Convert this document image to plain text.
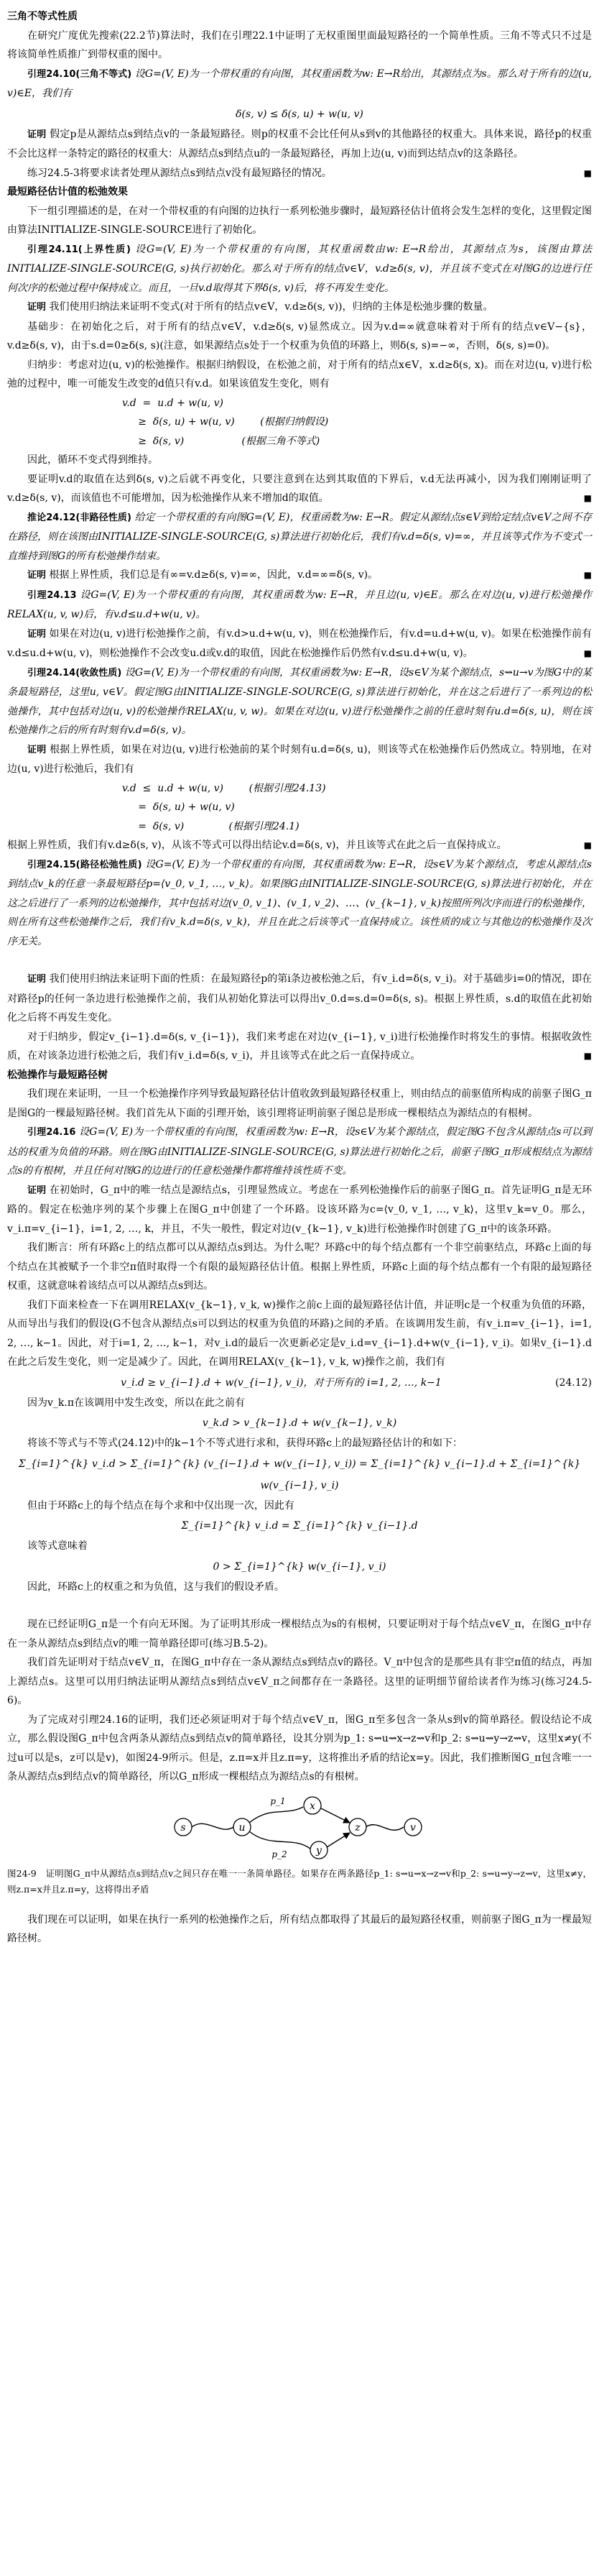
三角不等式性质

在研究广度优先搜索(22.2节)算法时，我们在引理22.1中证明了无权重图里面最短路径的一个简单性质。三角不等式只不过是将该简单性质推广到带权重的图中。

引理24.10(三角不等式) 设G=(V, E)为一个带权重的有向图，其权重函数为w: E→R给出，其源结点为s。那么对于所有的边(u, v)∈E，我们有

δ(s, v) ≤ δ(s, u) + w(u, v)

证明 假定p是从源结点s到结点v的一条最短路径。则p的权重不会比任何从s到v的其他路径的权重大。具体来说，路径p的权重不会比这样一条特定的路径的权重大：从源结点s到结点u的一条最短路径，再加上边(u, v)而到达结点v的这条路径。

练习24.5-3将要求读者处理从源结点s到结点v没有最短路径的情况。	■

最短路径估计值的松弛效果

下一组引理描述的是，在对一个带权重的有向图的边执行一系列松弛步骤时，最短路径估计值将会发生怎样的变化，这里假定图由算法INITIALIZE-SINGLE-SOURCE进行了初始化。

引理24.11(上界性质) 设G=(V, E)为一个带权重的有向图，其权重函数由w: E→R给出，其源结点为s，该图由算法INITIALIZE-SINGLE-SOURCE(G, s)执行初始化。那么对于所有的结点v∈V，v.d≥δ(s, v)，并且该不变式在对图G的边进行任何次序的松弛过程中保持成立。而且，一旦v.d取得其下界δ(s, v)后，将不再发生变化。

证明 我们使用归纳法来证明不变式(对于所有的结点v∈V，v.d≥δ(s, v))，归纳的主体是松弛步骤的数量。

基础步：在初始化之后，对于所有的结点v∈V，v.d≥δ(s, v)显然成立。因为v.d=∞就意味着对于所有的结点v∈V−{s}，v.d≥δ(s, v)，由于s.d=0≥δ(s, s)(注意，如果源结点s处于一个权重为负值的环路上，则δ(s, s)=−∞，否则，δ(s, s)=0)。

归纳步：考虑对边(u, v)的松弛操作。根据归纳假设，在松弛之前，对于所有的结点x∈V，x.d≥δ(s, x)。而在对边(u, v)进行松弛的过程中，唯一可能发生改变的d值只有v.d。如果该值发生变化，则有

v.d  =  u.d + w(u, v)

≥  δ(s, u) + w(u, v)        (根据归纳假设)

≥  δ(s, v)                  (根据三角不等式)

因此，循环不变式得到维持。

要证明v.d的取值在达到δ(s, v)之后就不再变化，只要注意到在达到其取值的下界后，v.d无法再减小，因为我们刚刚证明了v.d≥δ(s, v)，而该值也不可能增加，因为松弛操作从来不增加d的取值。	■

推论24.12(非路径性质) 给定一个带权重的有向图G=(V, E)，权重函数为w: E→R。假定从源结点s∈V到给定结点v∈V之间不存在路径，则在该图由INITIALIZE-SINGLE-SOURCE(G, s)算法进行初始化后，我们有v.d=δ(s, v)=∞，并且该等式作为不变式一直维持到图G的所有松弛操作结束。

证明 根据上界性质，我们总是有∞=v.d≥δ(s, v)=∞，因此，v.d=∞=δ(s, v)。	■

引理24.13 设G=(V, E)为一个带权重的有向图，其权重函数为w: E→R，并且边(u, v)∈E。那么在对边(u, v)进行松弛操作RELAX(u, v, w)后，有v.d≤u.d+w(u, v)。

证明 如果在对边(u, v)进行松弛操作之前，有v.d>u.d+w(u, v)，则在松弛操作后，有v.d=u.d+w(u, v)。如果在松弛操作前有v.d≤u.d+w(u, v)，则松弛操作不会改变u.d或v.d的取值，因此在松弛操作后仍然有v.d≤u.d+w(u, v)。	■

引理24.14(收敛性质) 设G=(V, E)为一个带权重的有向图，其权重函数为w: E→R，设s∈V为某个源结点，s⇝u→v为图G中的某条最短路径，这里u, v∈V。假定图G由INITIALIZE-SINGLE-SOURCE(G, s)算法进行初始化，并在这之后进行了一系列边的松弛操作，其中包括对边(u, v)的松弛操作RELAX(u, v, w)。如果在对边(u, v)进行松弛操作之前的任意时刻有u.d=δ(s, u)，则在该松弛操作之后的所有时刻有v.d=δ(s, v)。

证明 根据上界性质，如果在对边(u, v)进行松弛前的某个时刻有u.d=δ(s, u)，则该等式在松弛操作后仍然成立。特别地，在对边(u, v)进行松弛后，我们有

v.d  ≤  u.d + w(u, v)        (根据引理24.13)

=  δ(s, u) + w(u, v)

=  δ(s, v)              (根据引理24.1)

根据上界性质，我们有v.d≥δ(s, v)，从该不等式可以得出结论v.d=δ(s, v)，并且该等式在此之后一直保持成立。	■

引理24.15(路径松弛性质) 设G=(V, E)为一个带权重的有向图，其权重函数为w: E→R，设s∈V为某个源结点，考虑从源结点s到结点v_k的任意一条最短路径p=⟨v_0, v_1, …, v_k⟩。如果图G由INITIALIZE-SINGLE-SOURCE(G, s)算法进行初始化，并在这之后进行了一系列的边松弛操作，其中包括对边(v_0, v_1)、(v_1, v_2)、…、(v_{k−1}, v_k)按照所列次序而进行的松弛操作，则在所有这些松弛操作之后，我们有v_k.d=δ(s, v_k)，并且在此之后该等式一直保持成立。该性质的成立与其他边的松弛操作及次序无关。

证明 我们使用归纳法来证明下面的性质：在最短路径p的第i条边被松弛之后，有v_i.d=δ(s, v_i)。对于基础步i=0的情况，即在对路径p的任何一条边进行松弛操作之前，我们从初始化算法可以得出v_0.d=s.d=0=δ(s, s)。根据上界性质，s.d的取值在此初始化之后将不再发生变化。

对于归纳步，假定v_{i−1}.d=δ(s, v_{i−1})，我们来考虑在对边(v_{i−1}, v_i)进行松弛操作时将发生的事情。根据收敛性质，在对该条边进行松弛之后，我们有v_i.d=δ(s, v_i)，并且该等式在此之后一直保持成立。	■

松弛操作与最短路径树

我们现在来证明，一旦一个松弛操作序列导致最短路径估计值收敛到最短路径权重上，则由结点的前驱值所构成的前驱子图G_π是图G的一棵最短路径树。我们首先从下面的引理开始，该引理将证明前驱子图总是形成一棵根结点为源结点的有根树。

引理24.16 设G=(V, E)为一个带权重的有向图，权重函数为w: E→R，设s∈V为某个源结点，假定图G不包含从源结点s可以到达的权重为负值的环路。则在图G由INITIALIZE-SINGLE-SOURCE(G, s)算法进行初始化之后，前驱子图G_π形成根结点为源结点s的有根树，并且任何对图G的边进行的任意松弛操作都将维持该性质不变。

证明 在初始时，G_π中的唯一结点是源结点s，引理显然成立。考虑在一系列松弛操作后的前驱子图G_π。首先证明G_π是无环路的。假定在松弛序列的某个步骤上在图G_π中创建了一个环路。设该环路为c=⟨v_0, v_1, …, v_k⟩，这里v_k=v_0。那么，v_i.π=v_{i−1}，i=1, 2, …, k，并且，不失一般性，假定对边(v_{k−1}, v_k)进行松弛操作时创建了G_π中的该条环路。

我们断言：所有环路c上的结点都可以从源结点s到达。为什么呢？环路c中的每个结点都有一个非空前驱结点，环路c上面的每个结点在其被赋予一个非空π值时取得一个有限的最短路径估计值。根据上界性质，环路c上面的每个结点都有一个有限的最短路径权重，这就意味着该结点可以从源结点s到达。

我们下面来检查一下在调用RELAX(v_{k−1}, v_k, w)操作之前c上面的最短路径估计值，并证明c是一个权重为负值的环路，从而导出与我们的假设(G不包含从源结点s可以到达的权重为负值的环路)之间的矛盾。在该调用发生前，有v_i.π=v_{i−1}，i=1, 2, …, k−1。因此，对于i=1, 2, …, k−1，对v_i.d的最后一次更新必定是v_i.d=v_{i−1}.d+w(v_{i−1}, v_i)。如果v_{i−1}.d在此之后发生变化，则一定是减少了。因此，在调用RELAX(v_{k−1}, v_k, w)操作之前，我们有

v_i.d ≥ v_{i−1}.d + w(v_{i−1}, v_i)，对于所有的 i=1, 2, …, k−1	(24.12)

因为v_k.π在该调用中发生改变，所以在此之前有

v_k.d > v_{k−1}.d + w(v_{k−1}, v_k)

将该不等式与不等式(24.12)中的k−1个不等式进行求和，获得环路c上的最短路径估计的和如下：

Σ_{i=1}^{k} v_i.d > Σ_{i=1}^{k} (v_{i−1}.d + w(v_{i−1}, v_i)) = Σ_{i=1}^{k} v_{i−1}.d + Σ_{i=1}^{k} w(v_{i−1}, v_i)

但由于环路c上的每个结点在每个求和中仅出现一次，因此有

Σ_{i=1}^{k} v_i.d = Σ_{i=1}^{k} v_{i−1}.d

该等式意味着

0 > Σ_{i=1}^{k} w(v_{i−1}, v_i)

因此，环路c上的权重之和为负值，这与我们的假设矛盾。

现在已经证明G_π是一个有向无环图。为了证明其形成一棵根结点为s的有根树，只要证明对于每个结点v∈V_π，在图G_π中存在一条从源结点s到结点v的唯一简单路径即可(练习B.5-2)。

我们首先证明对于结点v∈V_π，在图G_π中存在一条从源结点s到结点v的路径。V_π中包含的是那些具有非空π值的结点，再加上源结点s。这里可以用归纳法证明从源结点s到结点v∈V_π之间都存在一条路径。这里的证明细节留给读者作为练习(练习24.5-6)。

为了完成对引理24.16的证明，我们还必须证明对于每个结点v∈V_π，图G_π至多包含一条从s到v的简单路径。假设结论不成立，那么假设图G_π中包含两条从源结点s到结点v的简单路径，设其分别为p_1: s⇝u⇝x→z⇝v和p_2: s⇝u⇝y→z⇝v，这里x≠y(不过u可以是s，z可以是v)，如图24-9所示。但是，z.π=x并且z.π=y，这将推出矛盾的结论x=y。因此，我们推断图G_π包含唯一一条从源结点s到结点v的简单路径，所以G_π形成一棵根结点为源结点s的有根树。

s	u
x
y
z	v
p_1
p_2

图24-9　证明图G_π中从源结点s到结点v之间只存在唯一一条简单路径。如果存在两条路径p_1: s⇝u⇝x→z⇝v和p_2: s⇝u⇝y→z⇝v，这里x≠y，则z.π=x并且z.π=y，这将得出矛盾

我们现在可以证明，如果在执行一系列的松弛操作之后，所有结点都取得了其最后的最短路径权重，则前驱子图G_π为一棵最短路径树。
